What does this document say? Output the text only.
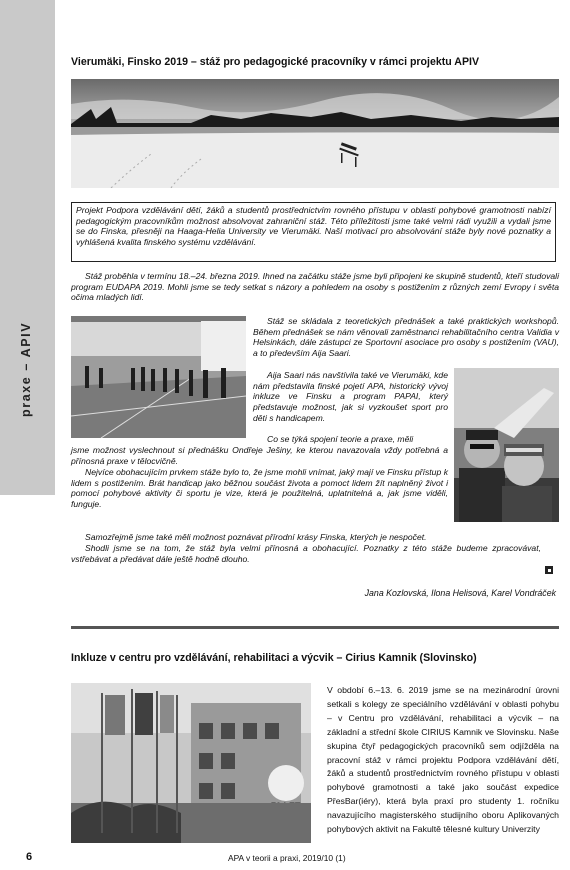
praxe – APIV
Vierumäki, Finsko 2019 – stáž pro pedagogické pracovníky v rámci projektu APIV
Projekt Podpora vzdělávání dětí, žáků a studentů prostřednictvím rovného přístupu v oblasti pohybové gramotnosti nabízí pedagogickým pracovníkům možnost absolvovat zahraniční stáž. Této příležitosti jsme také velmi rádi využili a vydali jsme se do Finska, přesněji na Haaga-Helia University ve Vierumäki. Naší motivací pro absolvování stáže byly nové poznatky a vyhlášená kvalita finského systému vzdělávání.
Stáž proběhla v termínu 18.–24. března 2019. Ihned na začátku stáže jsme byli připojeni ke skupině studentů, kteří studovali program EUDAPA 2019. Mohli jsme se tedy setkat s názory a pohledem na osoby s postižením z různých zemí Evropy i světa očima mladých lidí.
Stáž se skládala z teoretických přednášek a také praktických workshopů. Během přednášek se nám věnovali zaměstnanci rehabilitačního centra Validia v Helsinkách, dále zástupci ze Sportovní asociace pro osoby s postižením (VAU), a to především Aija Saari.
Aija Saari nás navštívila také ve Vierumäki, kde nám představila finské pojetí APA, historický vývoj inkluze ve Finsku a program PAPAI, který představuje možnost, jak si vyzkoušet sport pro děti s handicapem.
Co se týká spojení teorie a praxe, měli
jsme možnost vyslechnout si přednášku Ondřeje Ješiny, ke kterou navazovala vždy potřebná a přínosná praxe v tělocvičně.
Nejvíce obohacujícím prvkem stáže bylo to, že jsme mohli vnímat, jaký mají ve Finsku přístup k lidem s postižením. Brát handicap jako běžnou součást života a pomoct lidem žít naplněný život i pomocí pohybové aktivity či sportu je vize, která je použitelná, uplatnitelná a, jak jsme viděli, funguje.
Samozřejmě jsme také měli možnost poznávat přírodní krásy Finska, kterých je nespočet.
Shodli jsme se na tom, že stáž byla velmi přínosná a obohacující. Poznatky z této stáže budeme zpracovávat, vstřebávat a předávat dále ještě hodně dlouho.
Jana Kozlovská, Ilona Helisová, Karel Vondráček
Inkluze v centru pro vzdělávání, rehabilitaci a výcvik – Cirius Kamnik (Slovinsko)
V období 6.–13. 6. 2019 jsme se na mezinárodní úrovni setkali s kolegy ze speciálního vzdělávání v oblasti pohybu – v Centru pro vzdělávání, rehabilitaci a výcvik – na základní a střední škole CIRIUS Kamnik ve Slovinsku. Naše skupina čtyř pedagogických pracovníků sem odjížděla na pracovní stáž v rámci projektu Podpora vzdělávání dětí, žáků a studentů prostřednictvím rovného přístupu v oblasti pohybové gramotnosti a také jako součást expedice PřesBar(iéry), která byla praxí pro studenty 1. ročníku navazujícího magisterského studijního oboru Aplikovaných pohybových aktivit na Fakultě tělesné kultury Univerzity
6	APA v teorii a praxi, 2019/10 (1)
